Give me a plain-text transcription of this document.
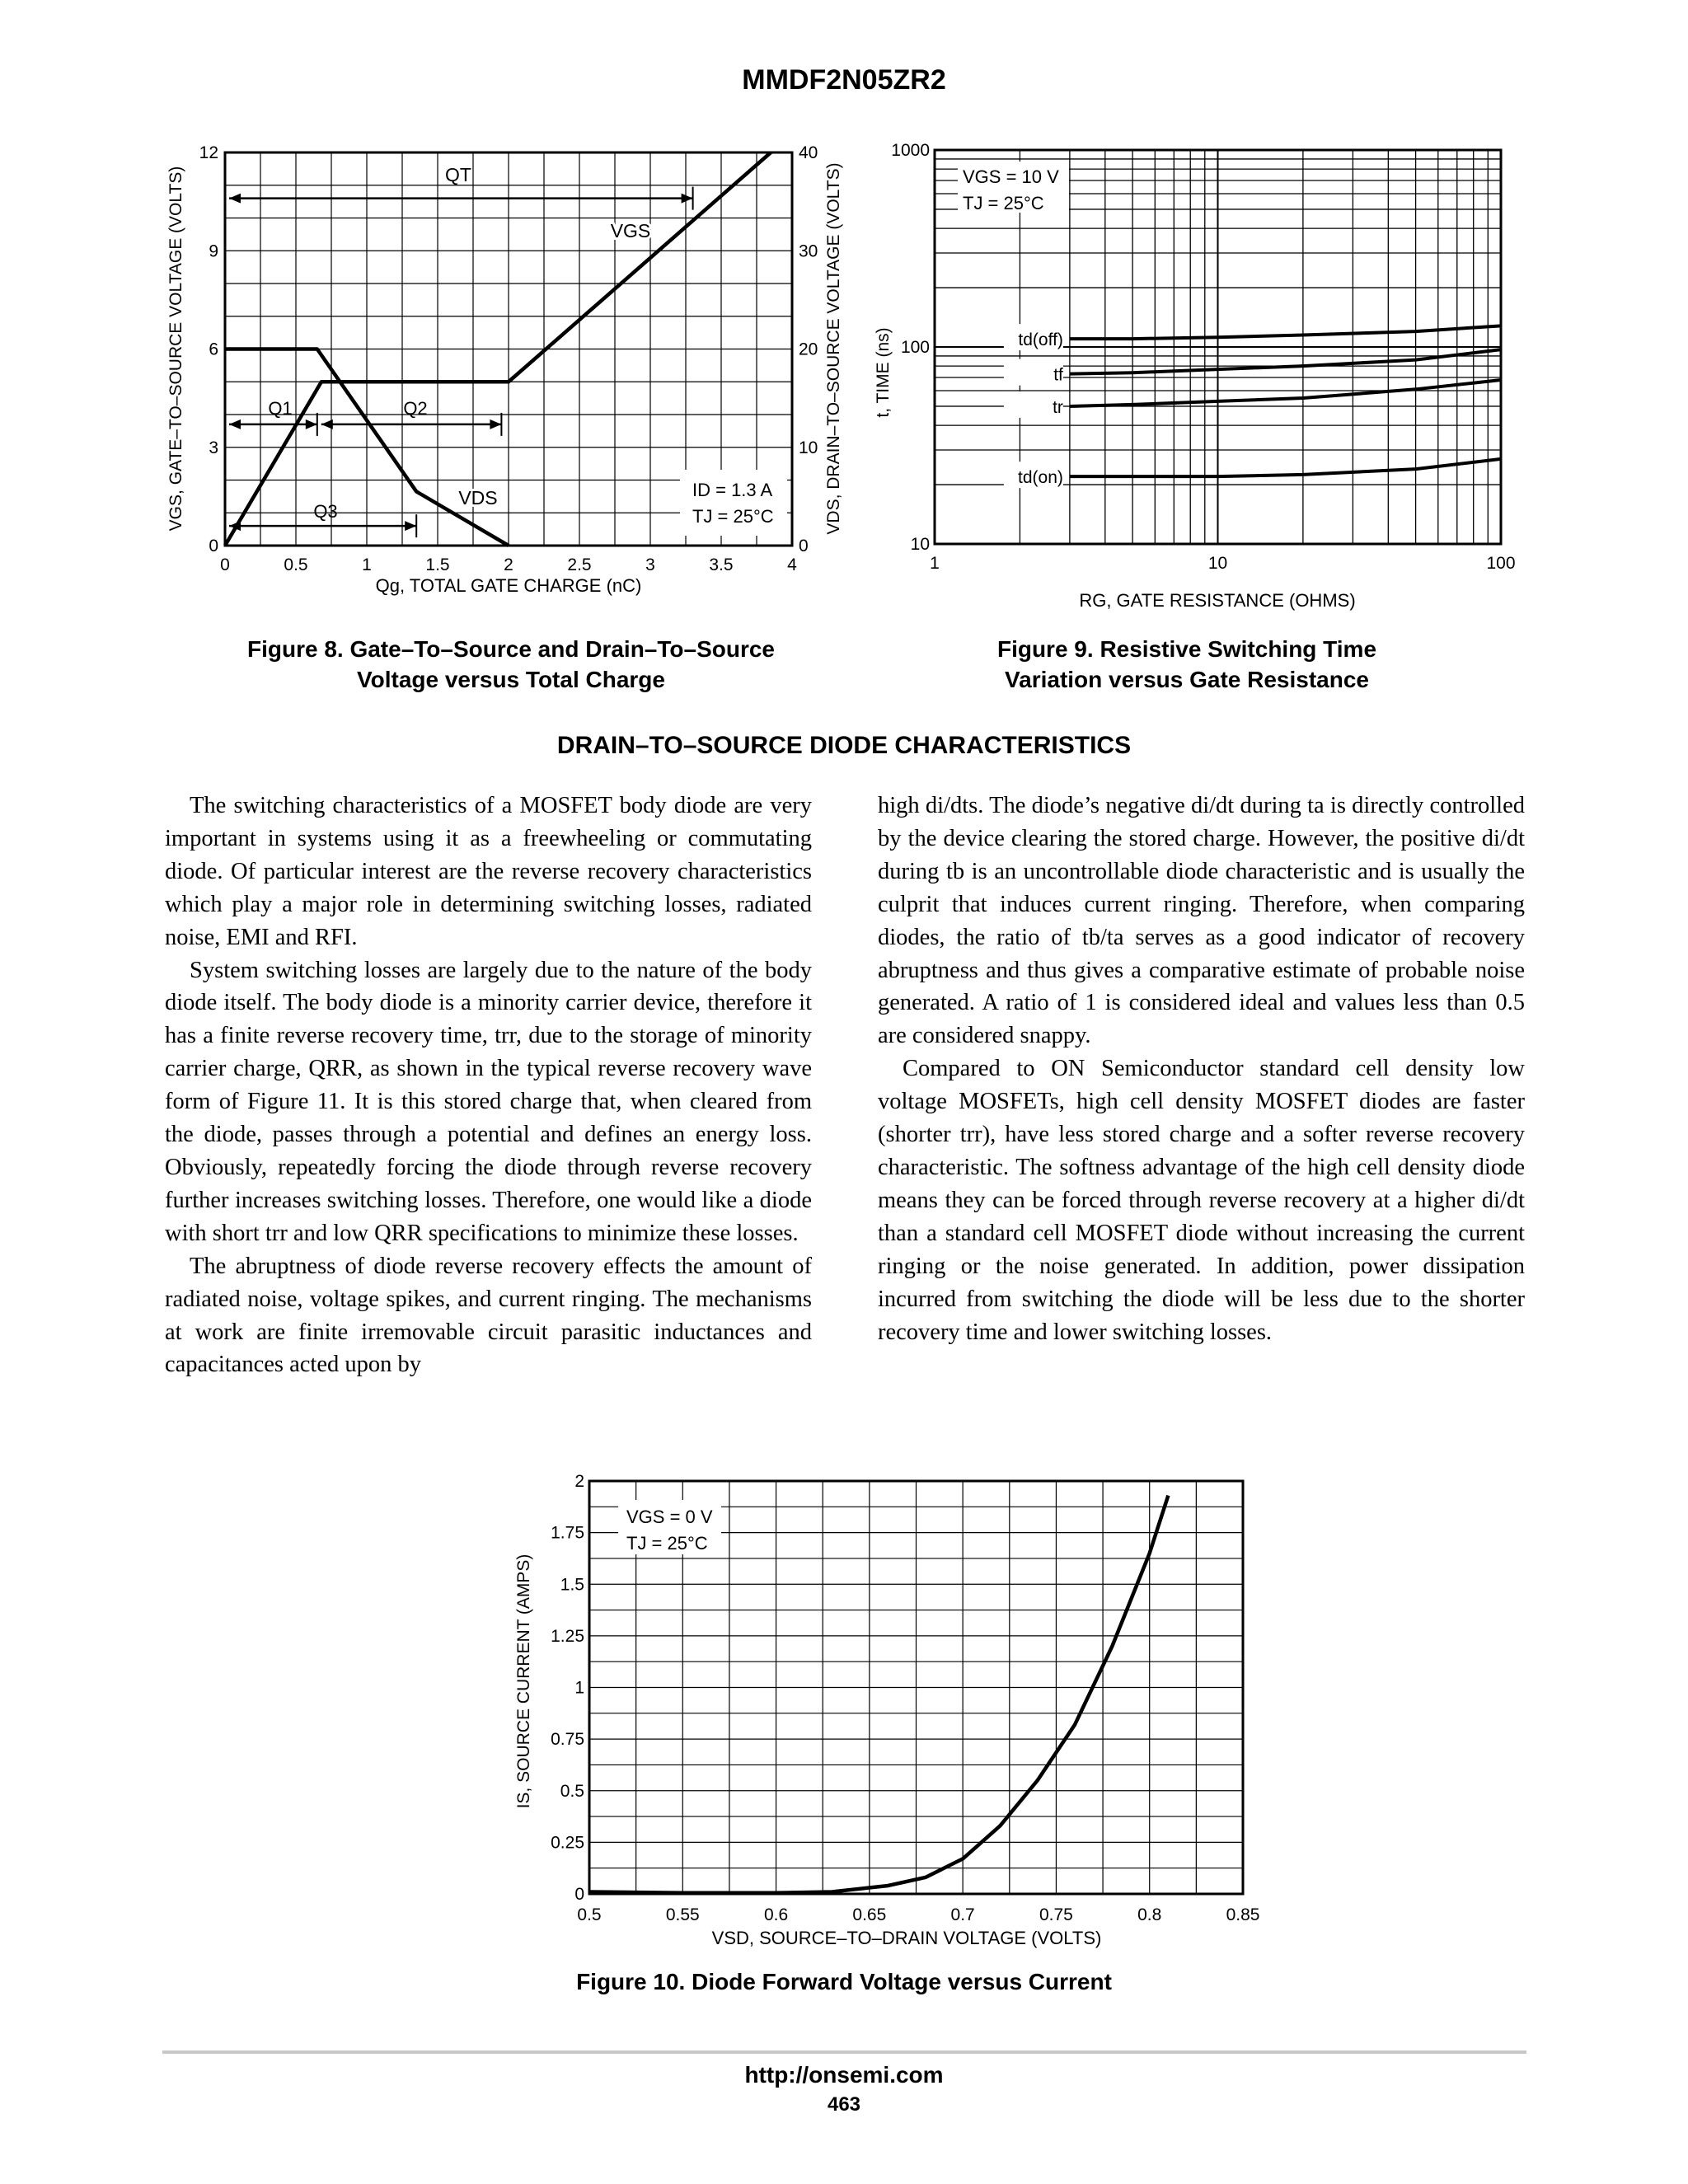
MMDF2N05ZR2
0	0.5	1	1.5	2	2.5	3	3.5	4
0
3
6
9
12
0
10
20
30
40
VGS, GATE–TO–SOURCE VOLTAGE (VOLTS)	VDS, DRAIN–TO–SOURCE VOLTAGE (VOLTS)
Qg, TOTAL GATE CHARGE (nC)
QT
Q1	Q2
Q3
VGS
VDS	ID = 1.3 A
TJ = 25°C
Figure 8. Gate–To–Source and Drain–To–Source
Voltage versus Total Charge
1	10	100
10
100
1000
td(off)
tf
tr
td(on)
VGS = 10 V
TJ = 25°C
t, TIME (ns)
RG, GATE RESISTANCE (OHMS)
Figure 9. Resistive Switching Time
Variation versus Gate Resistance
DRAIN–TO–SOURCE DIODE CHARACTERISTICS

The switching characteristics of a MOSFET body diode are very important in systems using it as a freewheeling or commutating diode. Of particular interest are the reverse recovery characteristics which play a major role in determining switching losses, radiated noise, EMI and RFI.

System switching losses are largely due to the nature of the body diode itself. The body diode is a minority carrier device, therefore it has a finite reverse recovery time, trr, due to the storage of minority carrier charge, QRR, as shown in the typical reverse recovery wave form of Figure 11. It is this stored charge that, when cleared from the diode, passes through a potential and defines an energy loss. Obviously, repeatedly forcing the diode through reverse recovery further increases switching losses. Therefore, one would like a diode with short trr and low QRR specifications to minimize these losses.

The abruptness of diode reverse recovery effects the amount of radiated noise, voltage spikes, and current ringing. The mechanisms at work are finite irremovable circuit parasitic inductances and capacitances acted upon by

high di/dts. The diode’s negative di/dt during ta is directly controlled by the device clearing the stored charge. However, the positive di/dt during tb is an uncontrollable diode characteristic and is usually the culprit that induces current ringing. Therefore, when comparing diodes, the ratio of tb/ta serves as a good indicator of recovery abruptness and thus gives a comparative estimate of probable noise generated. A ratio of 1 is considered ideal and values less than 0.5 are considered snappy.

Compared to ON Semiconductor standard cell density low voltage MOSFETs, high cell density MOSFET diodes are faster (shorter trr), have less stored charge and a softer reverse recovery characteristic. The softness advantage of the high cell density diode means they can be forced through reverse recovery at a higher di/dt than a standard cell MOSFET diode without increasing the current ringing or the noise generated. In addition, power dissipation incurred from switching the diode will be less due to the shorter recovery time and lower switching losses.

0.5	0.55	0.6	0.65	0.7	0.75	0.8	0.85
0
0.25
0.5
0.75
1
1.25
1.5
1.75
2
VGS = 0 V
TJ = 25°C
IS, SOURCE CURRENT (AMPS)
VSD, SOURCE–TO–DRAIN VOLTAGE (VOLTS)
Figure 10. Diode Forward Voltage versus Current
http://onsemi.com
463
